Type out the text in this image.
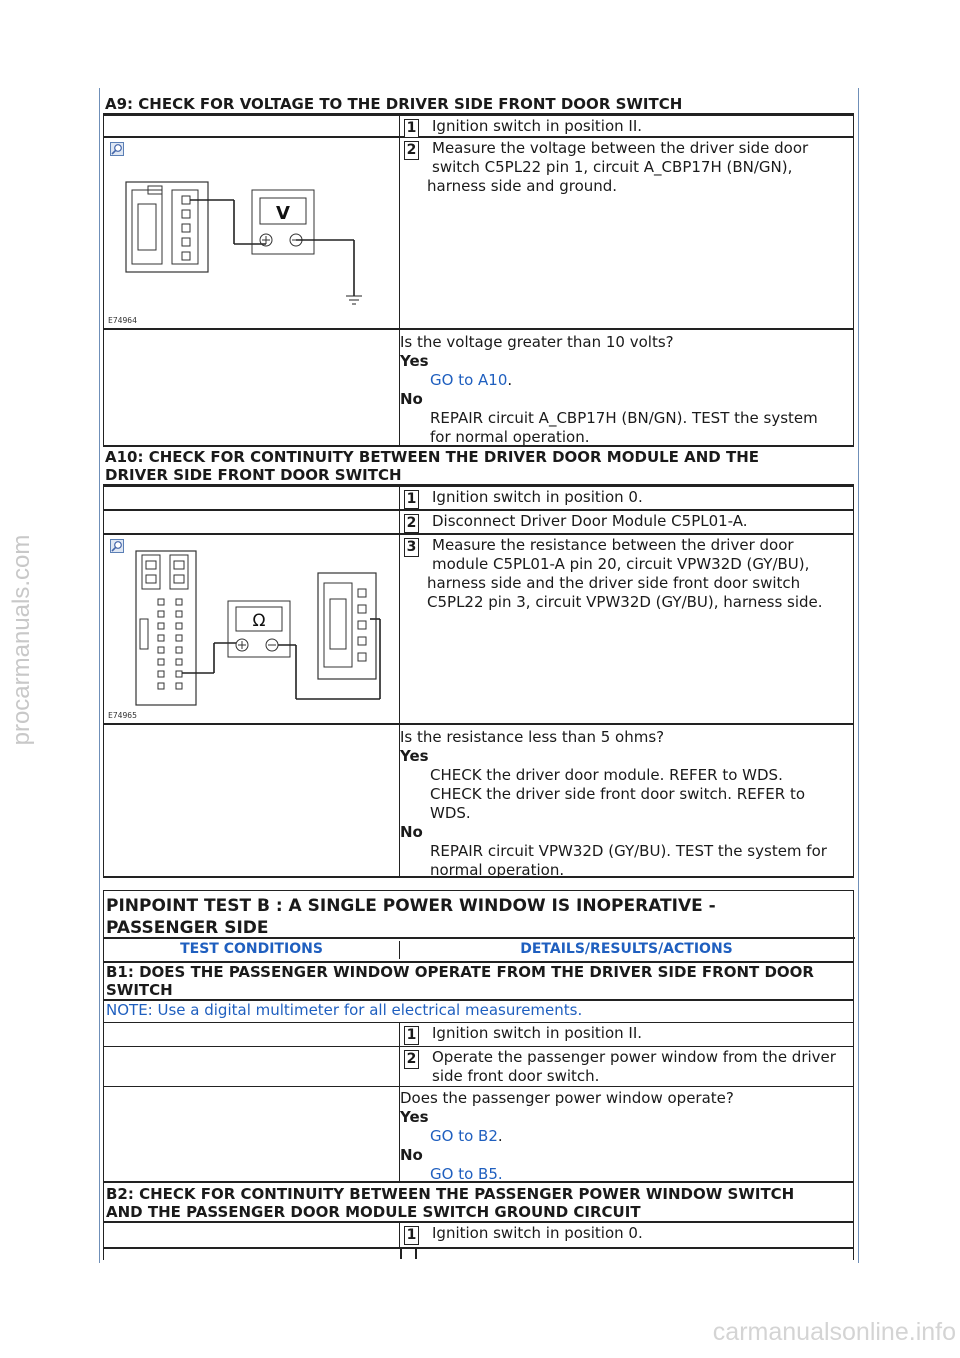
procarmanuals.com
carmanualsonline.info
A9: CHECK FOR VOLTAGE TO THE DRIVER SIDE FRONT DOOR SWITCH
1 Ignition switch in position II.
V
E74964
2 Measure the voltage between the driver side door
switch C5PL22 pin 1, circuit A_CBP17H (BN/GN),
harness side and ground.
Is the voltage greater than 10 volts?
Yes
GO to A10.
No
REPAIR circuit A_CBP17H (BN/GN). TEST the system
for normal operation.
A10: CHECK FOR CONTINUITY BETWEEN THE DRIVER DOOR MODULE AND THE
DRIVER SIDE FRONT DOOR SWITCH
1 Ignition switch in position 0.
2 Disconnect Driver Door Module C5PL01-A.
Ω
E74965
3 Measure the resistance between the driver door
module C5PL01-A pin 20, circuit VPW32D (GY/BU),
harness side and the driver side front door switch
C5PL22 pin 3, circuit VPW32D (GY/BU), harness side.
Is the resistance less than 5 ohms?
Yes
CHECK the driver door module. REFER to WDS.
CHECK the driver side front door switch. REFER to
WDS.
No
REPAIR circuit VPW32D (GY/BU). TEST the system for
normal operation.
PINPOINT TEST B : A SINGLE POWER WINDOW IS INOPERATIVE -
PASSENGER SIDE
TEST CONDITIONS	DETAILS/RESULTS/ACTIONS
B1: DOES THE PASSENGER WINDOW OPERATE FROM THE DRIVER SIDE FRONT DOOR
SWITCH
NOTE: Use a digital multimeter for all electrical measurements.
1 Ignition switch in position II.
2 Operate the passenger power window from the driver
side front door switch.
Does the passenger power window operate?
Yes
GO to B2.
No
GO to B5.
B2: CHECK FOR CONTINUITY BETWEEN THE PASSENGER POWER WINDOW SWITCH
AND THE PASSENGER DOOR MODULE SWITCH GROUND CIRCUIT
1 Ignition switch in position 0.
